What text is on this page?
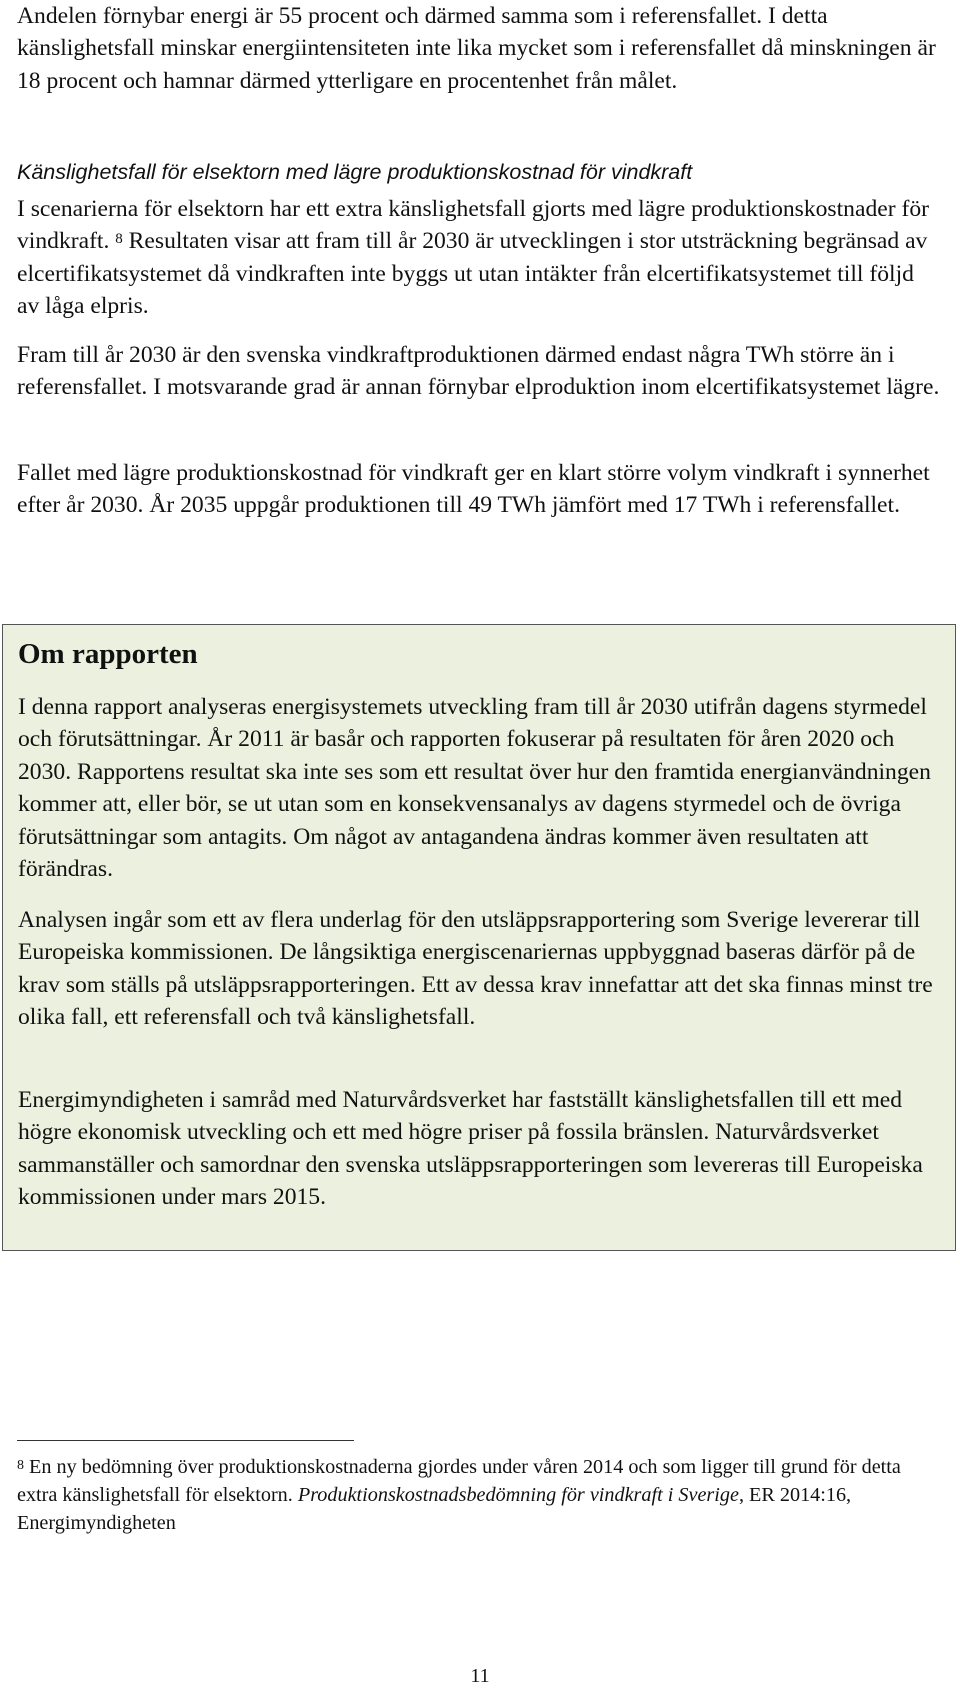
Andelen förnybar energi är 55 procent och därmed samma som i referensfallet. I detta känslighetsfall minskar energiintensiteten inte lika mycket som i referensfallet då minskningen är 18 procent och hamnar därmed ytterligare en procentenhet från målet.

Känslighetsfall för elsektorn med lägre produktionskostnad för vindkraft

I scenarierna för elsektorn har ett extra känslighetsfall gjorts med lägre produktionskostnader för vindkraft. $^8$ Resultaten visar att fram till år 2030 är utvecklingen i stor utsträckning begränsad av elcertifikatsystemet då vindkraften inte byggs ut utan intäkter från elcertifikatsystemet till följd av låga elpris.

Fram till år 2030 är den svenska vindkraftproduktionen därmed endast några TWh större än i referensfallet. I motsvarande grad är annan förnybar elproduktion inom elcertifikatsystemet lägre.

Fallet med lägre produktionskostnad för vindkraft ger en klart större volym vindkraft i synnerhet efter år 2030. År 2035 uppgår produktionen till 49 TWh jämfört med 17 TWh i referensfallet.

Om rapporten

I denna rapport analyseras energisystemets utveckling fram till år 2030 utifrån dagens styrmedel och förutsättningar. År 2011 är basår och rapporten fokuserar på resultaten för åren 2020 och 2030. Rapportens resultat ska inte ses som ett resultat över hur den framtida energianvändningen kommer att, eller bör, se ut utan som en konsekvensanalys av dagens styrmedel och de övriga förutsättningar som antagits. Om något av antagandena ändras kommer även resultaten att förändras.

Analysen ingår som ett av flera underlag för den utsläppsrapportering som Sverige levererar till Europeiska kommissionen. De långsiktiga energiscenariernas uppbyggnad baseras därför på de krav som ställs på utsläppsrapporteringen. Ett av dessa krav innefattar att det ska finnas minst tre olika fall, ett referensfall och två känslighetsfall.

Energimyndigheten i samråd med Naturvårdsverket har fastställt känslighetsfallen till ett med högre ekonomisk utveckling och ett med högre priser på fossila bränslen. Naturvårdsverket sammanställer och samordnar den svenska utsläppsrapporteringen som levereras till Europeiska kommissionen under mars 2015.

$^8$ En ny bedömning över produktionskostnaderna gjordes under våren 2014 och som ligger till grund för detta extra känslighetsfall för elsektorn. Produktionskostnadsbedömning för vindkraft i Sverige, ER 2014:16, Energimyndigheten

11
